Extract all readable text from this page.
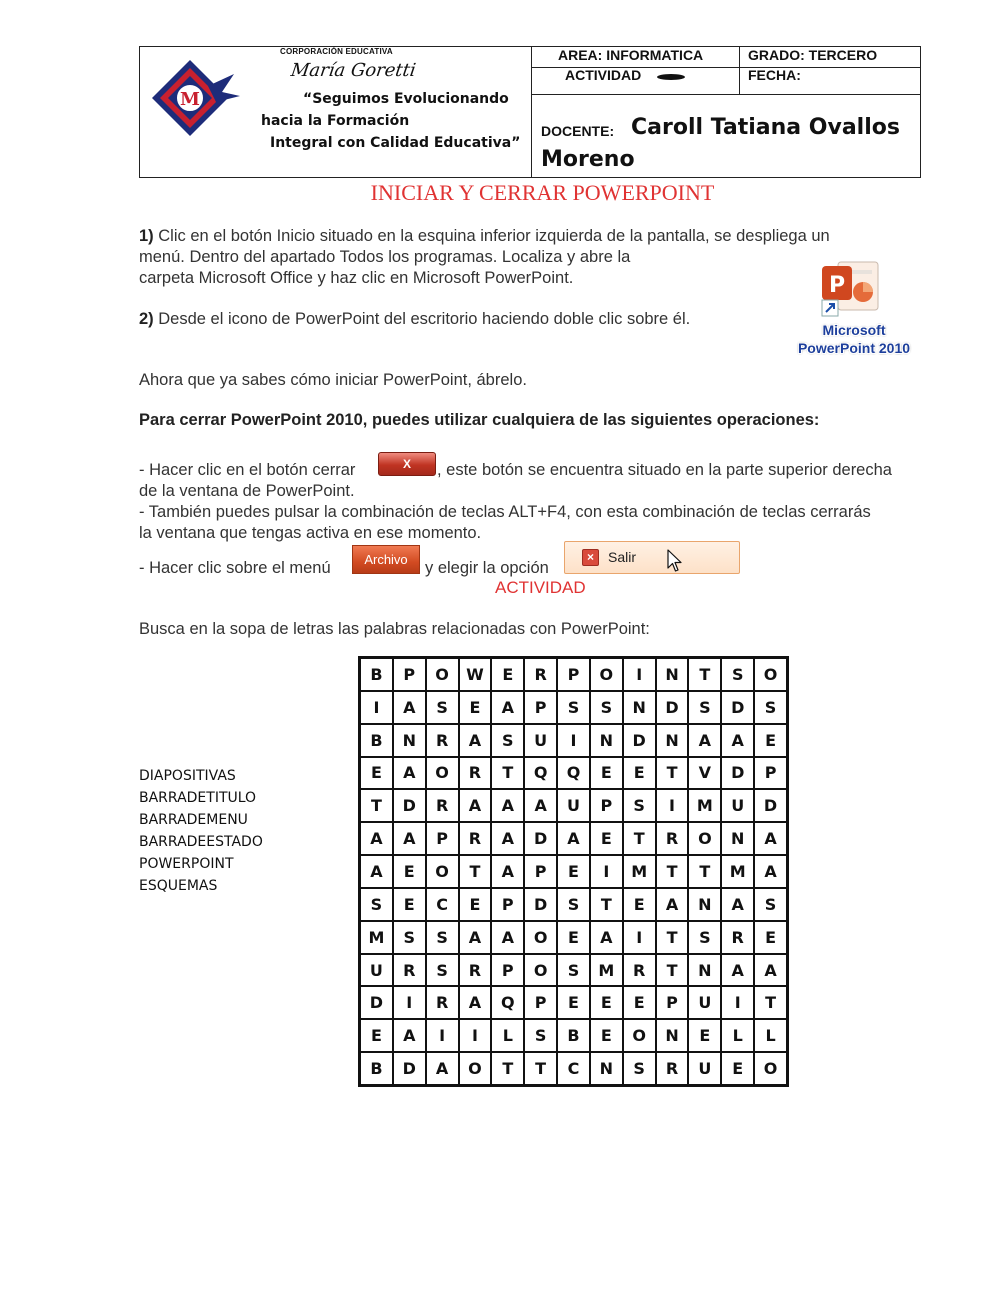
M
CORPORACIÓN EDUCATIVA
María Goretti
“Seguimos Evolucionando
hacia la Formación
Integral con Calidad Educativa”
AREA: INFORMATICA	GRADO: TERCERO
ACTIVIDAD	FECHA:
DOCENTE: Caroll Tatiana Ovallos
Moreno
INICIAR Y CERRAR POWERPOINT
1) Clic en el botón Inicio situado en la esquina inferior izquierda de la pantalla, se despliega un
menú. Dentro del apartado Todos los programas. Localiza y abre la
carpeta Microsoft Office y haz clic en Microsoft PowerPoint.
2) Desde el icono de PowerPoint del escritorio haciendo doble clic sobre él.
P
Microsoft
PowerPoint 2010
Ahora que ya sabes cómo iniciar PowerPoint, ábrelo.
Para cerrar PowerPoint 2010, puedes utilizar cualquiera de las siguientes operaciones:
- Hacer clic en el botón cerrar	X	, este botón se encuentra situado en la parte superior derecha
de la ventana de PowerPoint.
- También puedes pulsar la combinación de teclas ALT+F4, con esta combinación de teclas cerrarás
la ventana que tengas activa en ese momento.
- Hacer clic sobre el menú	Archivo	y elegir la opción
×	Salir
ACTIVIDAD
Busca en la sopa de letras las palabras relacionadas con PowerPoint:
DIAPOSITIVAS
BARRADETITULO
BARRADEMENU
BARRADEESTADO
POWERPOINT
ESQUEMAS
B	P	O	W	E	R	P	O	I	N	T	S	O
I	A	S	E	A	P	S	S	N	D	S	D	S
B	N	R	A	S	U	I	N	D	N	A	A	E
E	A	O	R	T	Q	Q	E	E	T	V	D	P
T	D	R	A	A	A	U	P	S	I	M	U	D
A	A	P	R	A	D	A	E	T	R	O	N	A
A	E	O	T	A	P	E	I	M	T	T	M	A
S	E	C	E	P	D	S	T	E	A	N	A	S
M	S	S	A	A	O	E	A	I	T	S	R	E
U	R	S	R	P	O	S	M	R	T	N	A	A
D	I	R	A	Q	P	E	E	E	P	U	I	T
E	A	I	I	L	S	B	E	O	N	E	L	L
B	D	A	O	T	T	C	N	S	R	U	E	O
